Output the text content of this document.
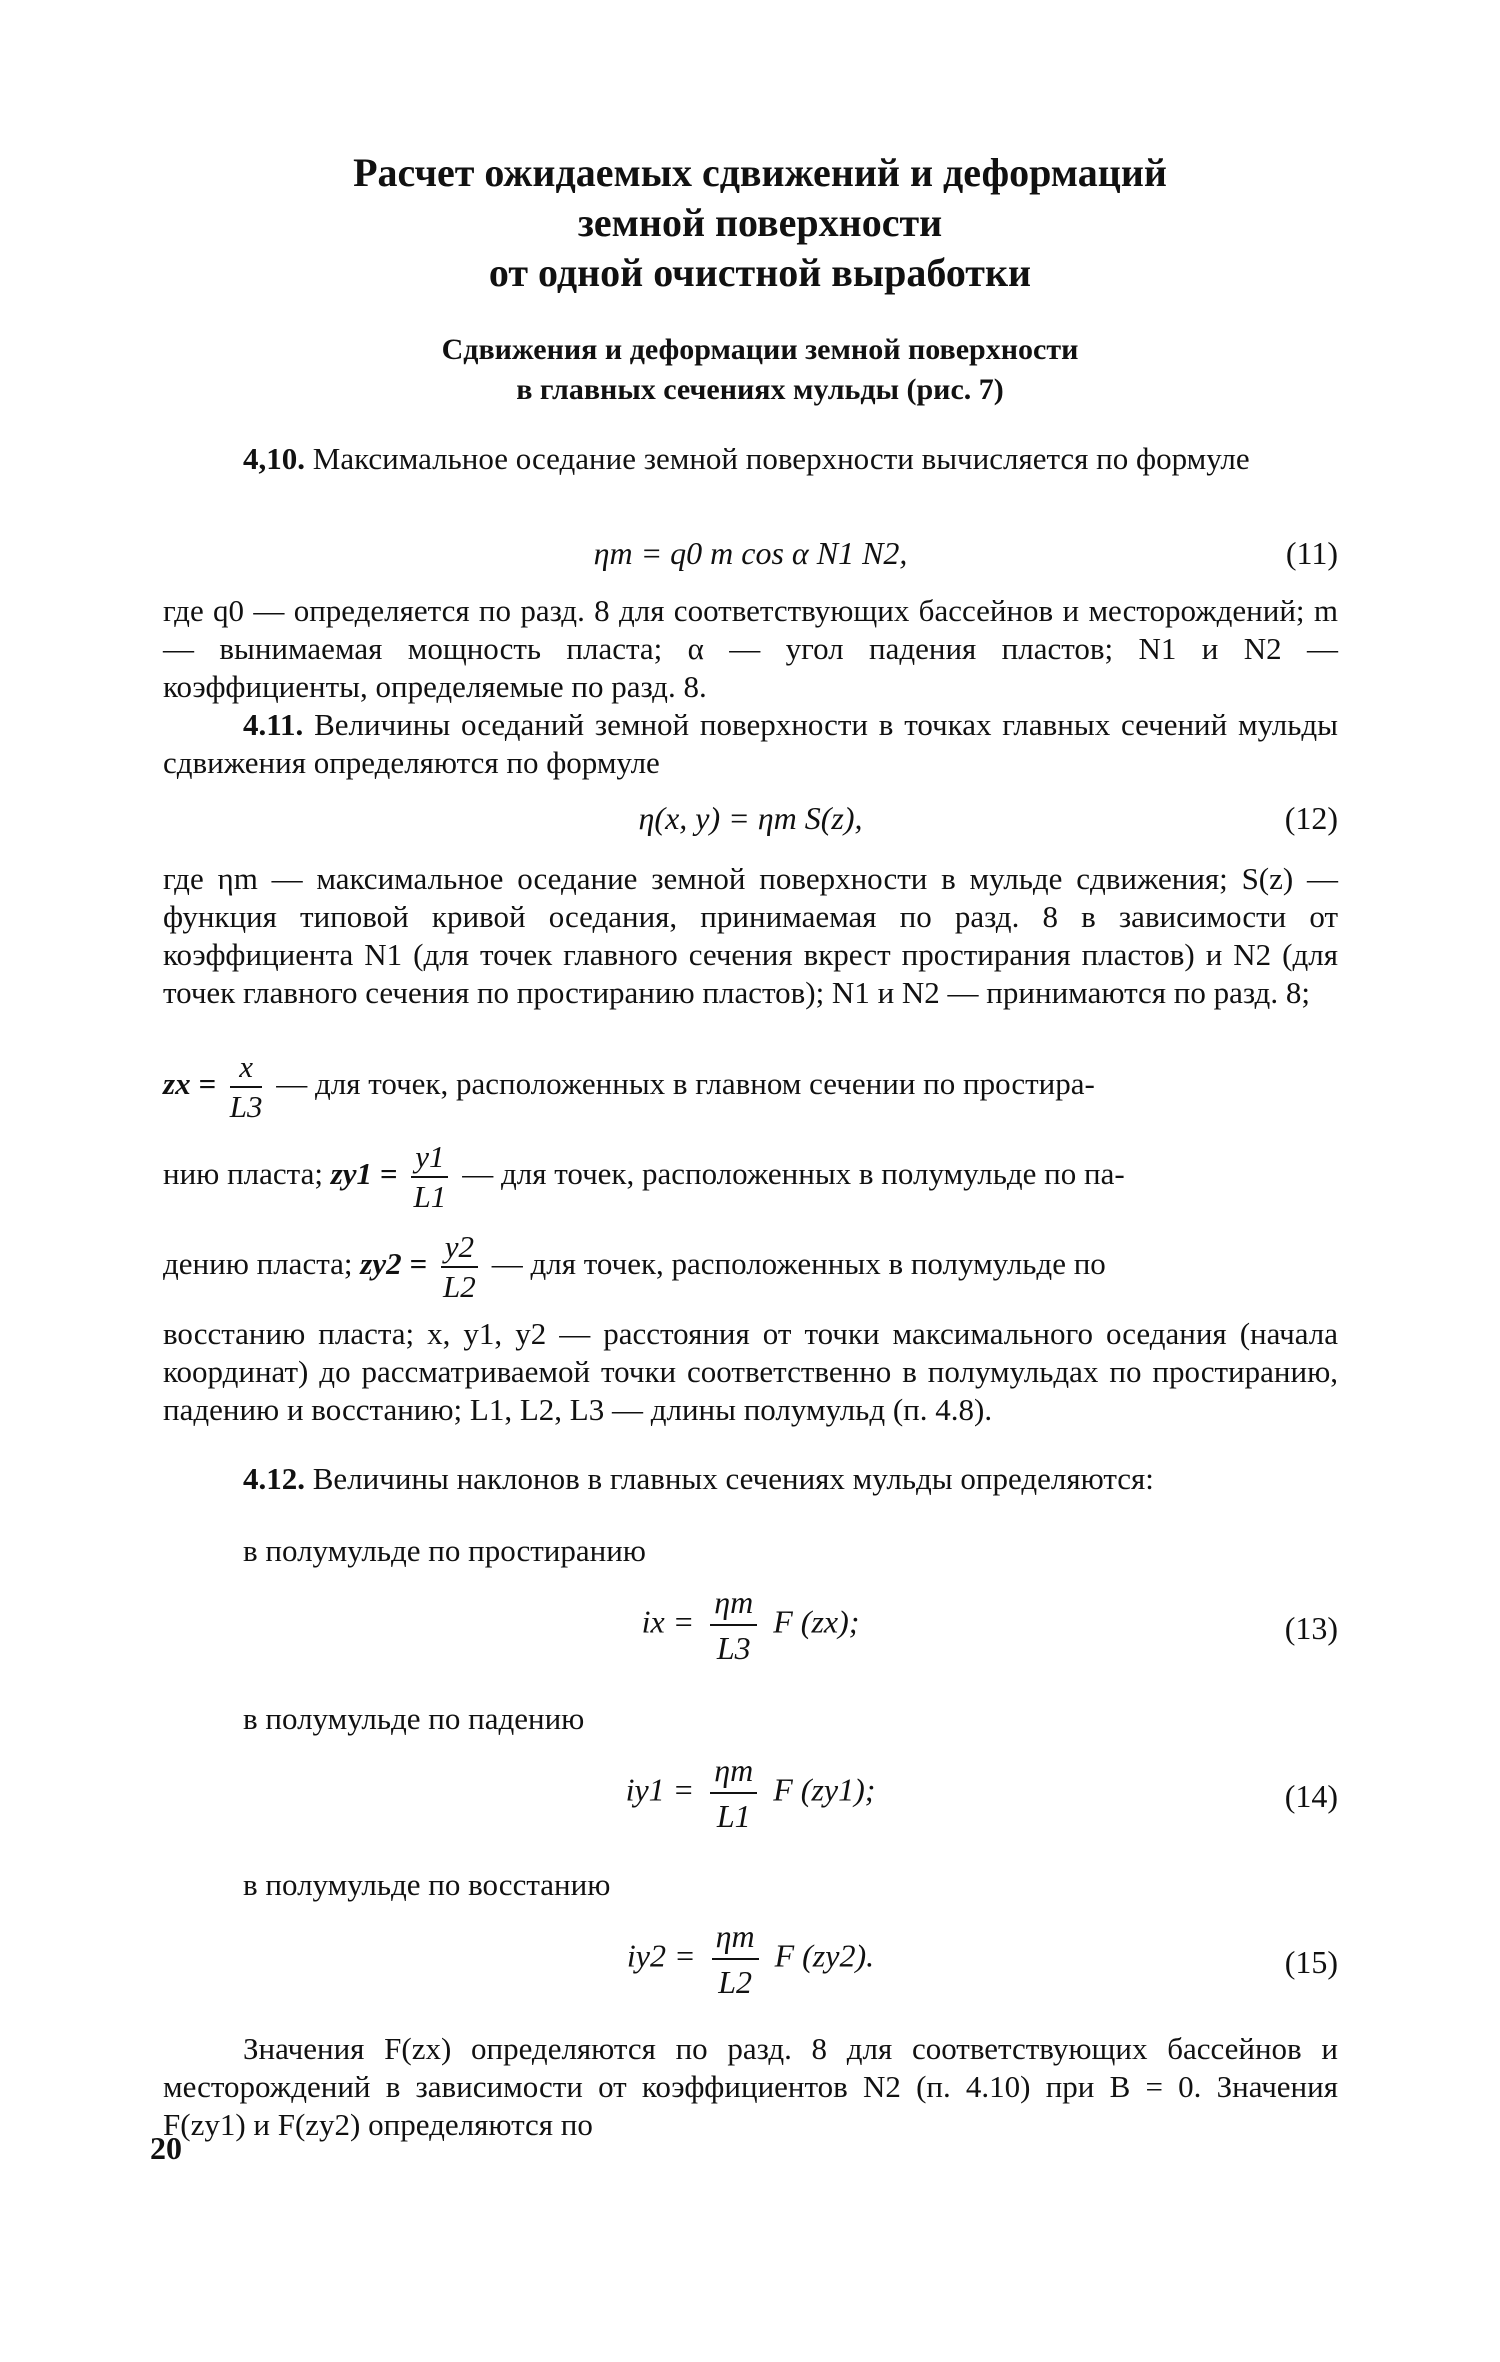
Расчет ожидаемых сдвижений и деформаций
земной поверхности
от одной очистной выработки
Сдвижения и деформации земной поверхности
в главных сечениях мульды (рис. 7)

4,10. Максимальное оседание земной поверхности вычисляется по формуле

ηm = q0 m cos α N1 N2,	(11)

где q0 — определяется по разд. 8 для соответствующих бассейнов и месторождений; m — вынимаемая мощность пласта; α — угол падения пластов; N1 и N2 — коэффициенты, определяемые по разд. 8.

4.11. Величины оседаний земной поверхности в точках главных сечений мульды сдвижения определяются по формуле

η(x, y) = ηm S(z),	(12)

где ηm — максимальное оседание земной поверхности в мульде сдвижения; S(z) — функция типовой кривой оседания, принимаемая по разд. 8 в зависимости от коэффициента N1 (для точек главного сечения вкрест простирания пластов) и N2 (для точек главного сечения по простиранию пластов); N1 и N2 — принимаются по разд. 8;

zx = $\frac{x}{L3}$ — для точек, расположенных в главном сечении по простира-
нию пласта; $zy1 = \frac{y1}{L1}$ — для точек, расположенных в полумульде по па-
дению пласта; $zy2 = \frac{y2}{L2}$ — для точек, расположенных в полумульде по

восстанию пласта; x, y1, y2 — расстояния от точки максимального оседания (начала координат) до рассматриваемой точки соответственно в полумульдах по простиранию, падению и восстанию; L1, L2, L3 — длины полумульд (п. 4.8).

4.12. Величины наклонов в главных сечениях мульды определяются:

в полумульде по простиранию

ix = $\frac{\eta m}{L3}$ F (zx);	(13)

в полумульде по падению

$iy1 = \frac{\eta m}{L1}$ F (zy1);	(14)

в полумульде по восстанию

$iy2 = \frac{\eta m}{L2}$ F (zy2).	(15)

Значения F(zx) определяются по разд. 8 для соответствующих бассейнов и месторождений в зависимости от коэффициентов N2 (п. 4.10) при B = 0. Значения F(zy1) и F(zy2) определяются по

20
